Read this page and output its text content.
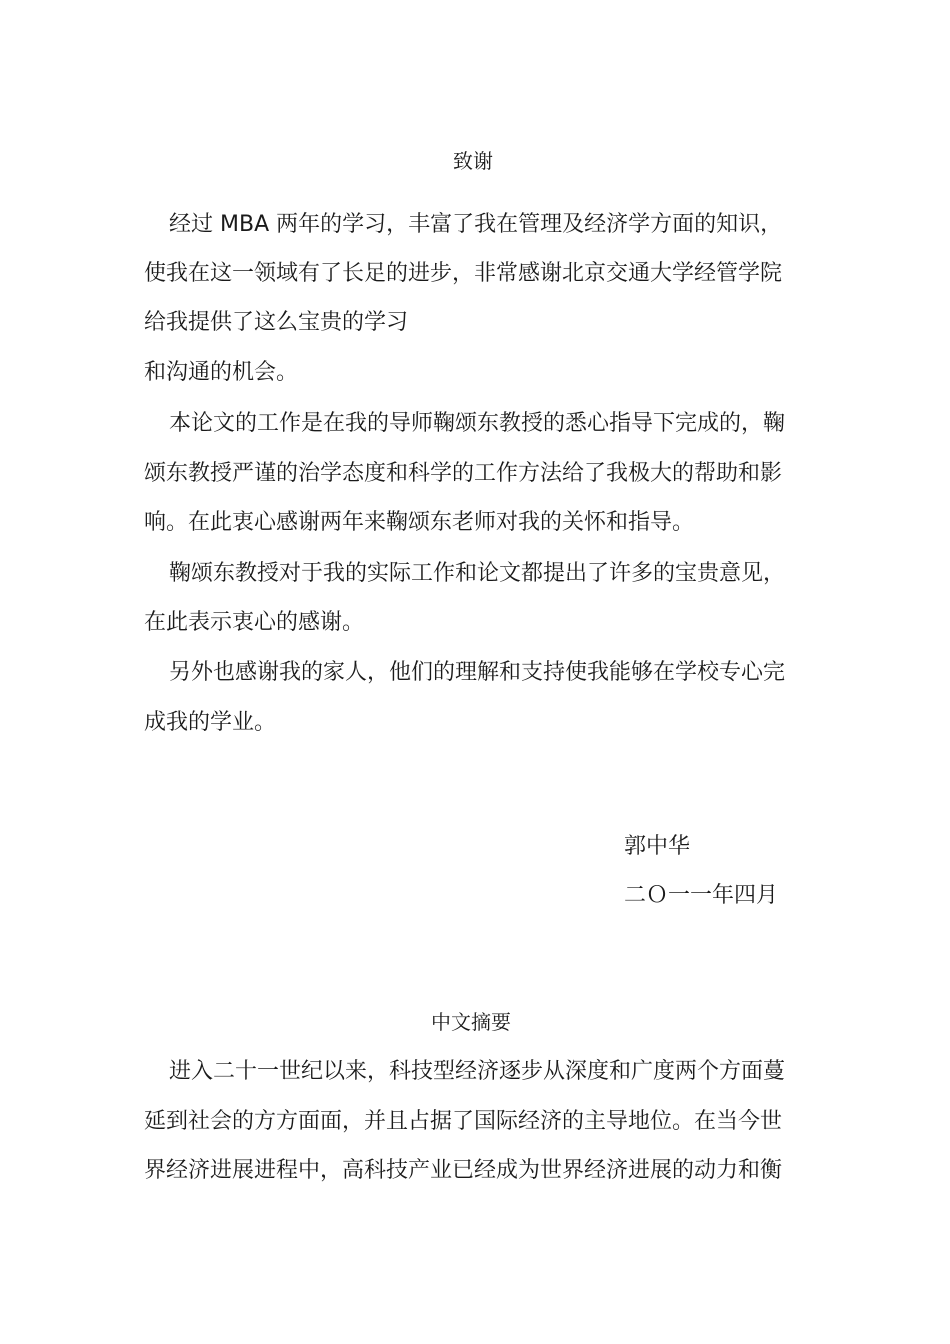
致谢
经过 MBA 两年的学习，丰富了我在管理及经济学方面的知识，
使我在这一领域有了长足的进步，非常感谢北京交通大学经管学院
给我提供了这么宝贵的学习
和沟通的机会。
本论文的工作是在我的导师鞠颂东教授的悉心指导下完成的，鞠
颂东教授严谨的治学态度和科学的工作方法给了我极大的帮助和影
响。在此衷心感谢两年来鞠颂东老师对我的关怀和指导。
鞠颂东教授对于我的实际工作和论文都提出了许多的宝贵意见，
在此表示衷心的感谢。
另外也感谢我的家人，他们的理解和支持使我能够在学校专心完
成我的学业。
郭中华
二Ｏ一一年四月
中文摘要
进入二十一世纪以来，科技型经济逐步从深度和广度两个方面蔓
延到社会的方方面面，并且占据了国际经济的主导地位。在当今世
界经济进展进程中，高科技产业已经成为世界经济进展的动力和衡
